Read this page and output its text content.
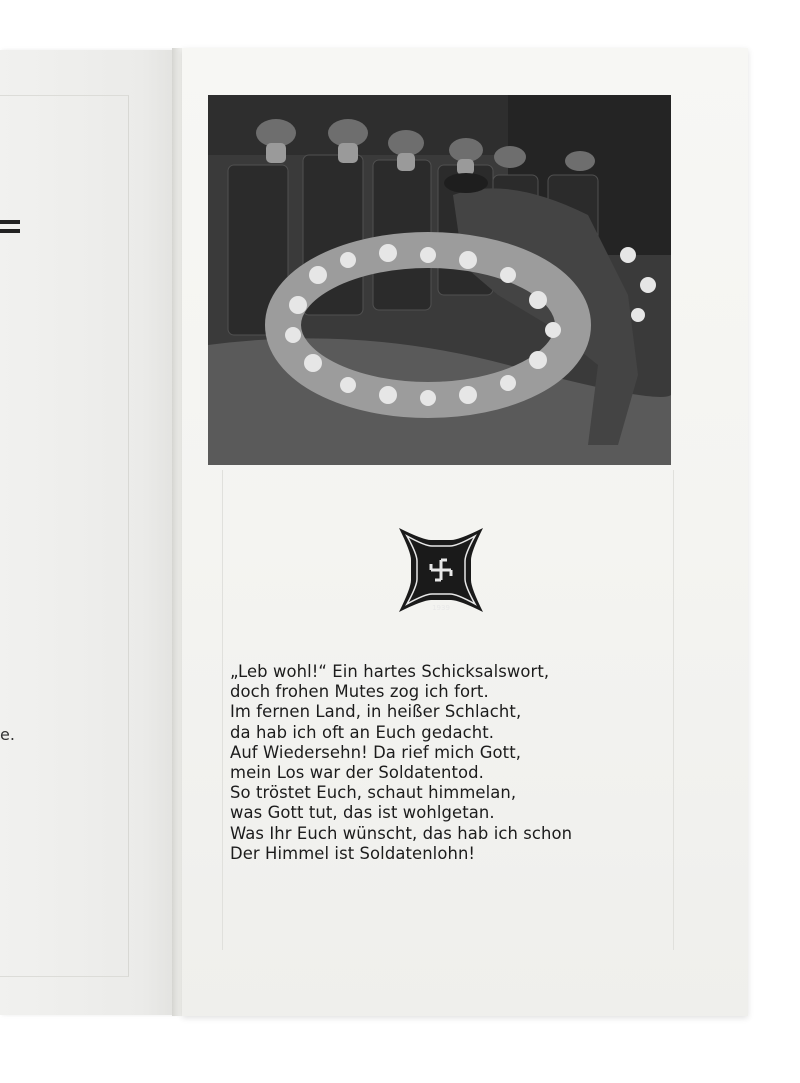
e.
1939
„Leb wohl!“ Ein hartes Schicksalswort,
doch frohen Mutes zog ich fort.
Im fernen Land, in heißer Schlacht,
da hab ich oft an Euch gedacht.
Auf Wiedersehn! Da rief mich Gott,
mein Los war der Soldatentod.
So tröstet Euch, schaut himmelan,
was Gott tut, das ist wohlgetan.
Was Ihr Euch wünscht, das hab ich schon
Der Himmel ist Soldatenlohn!
